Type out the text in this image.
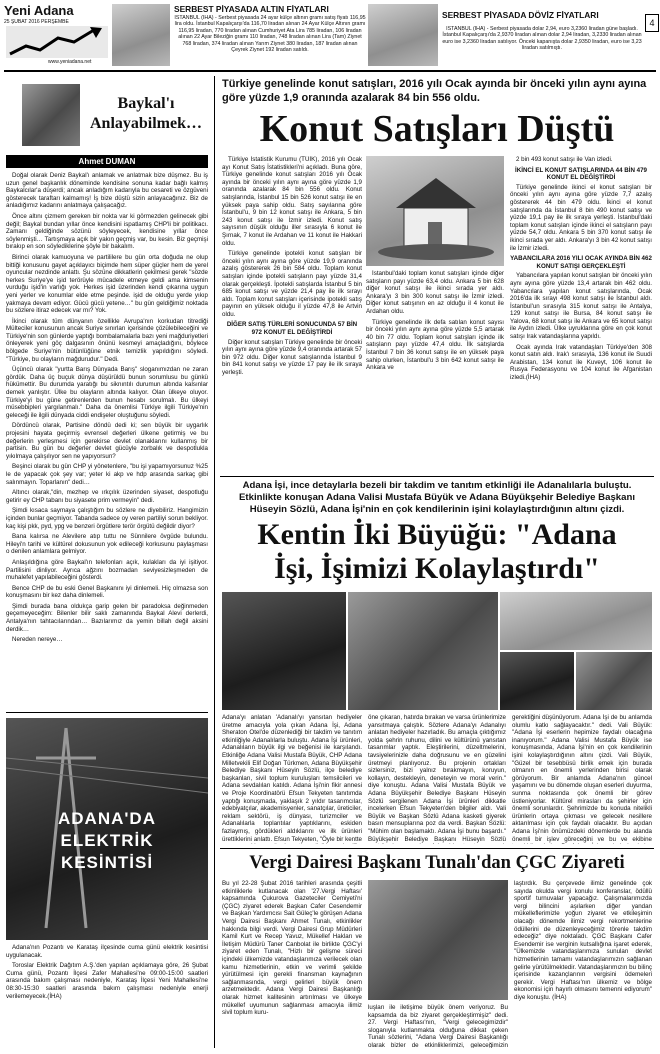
Yeni Adana
25 ŞUBAT 2016 PERŞEMBE
www.yeniadana.net
SERBEST PİYASADA ALTIN FİYATLARI
İSTANBUL (İHA) - Serbest piyasada 24 ayar külçe altının gramı satış fiyatı 116,95 lira oldu. İstanbul Kapalıçarşı'da 116,70 liradan alınan 24 Ayar Külçe Altının gramı 116,95 liradan, 770 liradan alınan Cumhuriyet Ata Lira 785 liradan, 106 liradan alınan 22 Ayar Bileziğin gramı 110 liradan, 748 liradan alınan Lira (Tam) Ziynet 768 liradan, 374 liradan alınan Yarım Ziynet 380 liradan, 187 liradan alınan Çeyrek Ziynet 192 liradan satıldı.
SERBEST PİYASADA DÖVİZ FİYATLARI
İSTANBUL (İHA) - Serbest piyasada dolar 2,94, euro 3,2360 liradan güne başladı. İstanbul Kapalıçarşı'da 2,9370 liradan alınan dolar 2,94 liradan, 3,2330 liradan alınan euro ise 3,2360 liradan satılıyor. Önceki kapanışta dolar 2,9350 liradan, euro ise 3,23 liradan satılmıştı.
4
Baykal'ı Anlayabilmek…
Ahmet DUMAN

Doğal olarak Deniz Baykal'ı anlamak ve anlatmak bize düşmez. Bu iş uzun genel başkanlık döneminde kendisine sonuna kadar bağlı kalmış Baykalcılar'a düşerdi; ancak anladığım kadarıyla bu cesareti ve özgüveni gösterecek taraftarı kalmamış! İş bize düştü sizin anlayacağınız. Biz de anladığımız kadarını anlatmaya çalışacağız.

Önce altını çizmem gereken bir nokta var ki görmezden gelinecek gibi değil; Baykal bundan yıllar önce kendisini ispatlamış CHP'li bir politikacı. Zamanı geldiğinde sözünü söyleyecek, kendisine yıllar önce söylenmişti… Tartışmaya açık bir yakın geçmiş var, bu kesin. Biz geçmişi bırakıp en son söylediklerine şöyle bir bakalım.

Birinci olarak kamuoyuna ve partililere bu gün orta doğuda ne olup bittiği konusunu gayet açıklayıcı biçimde hem süper güçler hem de yerel oyuncular nezdinde anlattı. Şu sözüne dikkatlerin çekilmesi gerek "sözde herkes Suriye'ye işid terörüyle mücadele etmeye geldi ama kimsenin vurduğu işid'in varlığı yok. Herkes işid üzerinden kendi çıkarına uygun yeni yerler ve konumlar elde etme peşinde. işid de olduğu yerde yıkıp yakmaya devam ediyor. Gücü gücü yetene…" bu gün geldiğimiz noktada bu sözlere itiraz edecek var mı? Yok.

İkinci olarak tüm dünyanın özellikle Avrupa'nın korkudan titrediği Mülteciler konusunun ancak Suriye sınırları içerisinde çözülebileceğini ve Türkiye'nin son günlerde yaptığı bombalamalarla bazı yeni mağduriyetleri önleyerek yeni göç dalgasının önünü kesmeyi amaçladığını, böylece bölgede Suriye'nin bütünlüğüne etnik temizlik yapıldığını söyledi. "Türkiye, bu olayların mağdurudur." Dedi.

Üçüncü olarak "yurtta Barış Dünyada Barış" sloganımızdan ne zaran gördük. Daha üç buçuk dünya düşürüldü bunun sorumlusu bu günkü hükümettir. Bu durumda yaratığı bu siknıntılı durumun altında kalsınlar demek yanlıştır. Ülke bu olayların altında kalıyor. Olan ülkeye oluyor. Türkiye'yi bu güne getirenlerden bunun hesabı sorulmalı. Bu ülkeyi müsebbipleri yargılanmalı." Daha da önemlisi Türkiye ilgili Türkiye'nin geleceği ile ilgili dünyada ciddi endişeler oluştuğunu söyledi.

Dördüncü olarak, Partisine döndü dedi ki; sen büyük bir uygarlık projesini hayata geçirmiş evrensel değerleri ülkene getirmiş ve bu değerlerin yerleşmesi için gerekirse devlet olanaklarını kullanmış bir partisin. Bu gün bu değerler devlet gücüyle zorbalık ve despotlukla yıkılmaya çalışılıyor sen ne yapıyorsun?

Beşinci olarak bu gün CHP yi yönetenlere, "bu işi yapamıyorsunuz %25 le de yapacak çok şey var; yeter ki akp ve hdp arasında sarkaç gibi salınmayın. Toparlanın" dedi…

Altıncı olarak,"din, mezhep ve ırkçılık üzerinden siyaset, despotluğu getirir ey CHP tabanı bu siyasete prim vermeyin" dedi.

Şimdi kısaca saymaya çalıştığım bu sözlere ne diyebiliriz. Hangimizin içinden bunlar geçmiyor. Tabanda sadece oy veren partiliyi sorun bekliyor. kaç kişi pkk, pyd, ypg ve benzeri örgütlere terör örgütü değildir diyor?

Bana kalırsa ne Alevilere atıp tuttu ne Sünnilere övgüde bulundu. Hileyi'n tarihi ve kültürel dokusunun yok edileceği korkusunu paylaşması o denilen anlamlara gelmiyor.

Anlaşıldığına göre Baykal'ın telefonları açık, kulakları da iyi işitiyor. Partilisini dinliyor. Ayrıca ağzını bozmadan seviyesizleşmeden de muhalefet yapılabileceğini gösterdi.

Bence CHP de bu eski Genel Başkanını iyi dinlemeli. Hiç olmazsa son konuşmasını bir kez daha dinlemeli.

Şimdi burada bana oldukça garip gelen bir paradoksa değinmeden geçemeyeceğim: Bilenler bilir saklı zamanında Baykal Alevi derlerdi, Antalya'nın tahtacılarından… Bazılarımız da yemin billah değil aksini derdik…

Nereden nereye…

ADANA'DA
ELEKTRİK
KESİNTİSİ

Adana'nın Pozantı ve Karataş ilçesinde cuma günü elektrik kesintisi uygulanacak.

Toroslar Elektrik Dağıtım A.Ş.'den yapılan açıklamaya göre, 26 Şubat Cuma günü, Pozantı İlçesi Zafer Mahallesi'ne 09:00-15:00 saatleri arasında bakım çalışması nedeniyle, Karataş İlçesi Yeni Mahallesi'ne 08:30-15:30 saatleri arasında bakım çalışması nedeniyle enerji verilemeyecek.(İHA)

Türkiye genelinde konut satışları, 2016 yılı Ocak ayında bir önceki yılın aynı ayına göre yüzde 1,9 oranında azalarak 84 bin 556 oldu.
Konut Satışları Düştü

Türkiye İstatistik Kurumu (TÜİK), 2016 yılı Ocak ayı Konut Satış İstatistikleri'ni açıkladı. Buna göre, Türkiye genelinde konut satışları 2016 yılı Ocak ayında bir önceki yılın aynı ayına göre yüzde 1,9 oranında azalarak 84 bin 556 oldu. Konut satışlarında, İstanbul 15 bin 526 konut satışı ile en yüksek paya sahip oldu. Satış sayılarına göre İstanbul'u, 9 bin 12 konut satışı ile Ankara, 5 bin 243 konut satışı ile İzmir izledi. Konut satış sayısının düşük olduğu iller sırasıyla 6 konut ile Şırnak, 7 konut ile Ardahan ve 11 konut ile Hakkari oldu.

Türkiye genelinde ipotekli konut satışları bir önceki yılın aynı ayına göre yüzde 19,9 oranında azalış göstererek 26 bin 584 oldu. Toplam konut satışları içinde ipotekli satışların payı yüzde 31,4 olarak gerçekleşti. İpotekli satışlarda İstanbul 5 bin 685 konut satışı ve yüzde 21,4 pay ile ilk sırayı aldı. Toplam konut satışları içerisinde ipotekli satış payının en yüksek olduğu il yüzde 47,8 ile Artvin oldu.

DİĞER SATIŞ TÜRLERİ SONUCUNDA 57 BİN 972 KONUT EL DEĞİŞTİRDİ

Diğer konut satışları Türkiye genelinde bir önceki yılın aynı ayına göre yüzde 9,4 oranında artarak 57 bin 972 oldu. Diğer konut satışlarında İstanbul 9 bin 841 konut satışı ve yüzde 17 pay ile ilk sıraya yerleşti.

İstanbul'daki toplam konut satışları içinde diğer satışların payı yüzde 63,4 oldu. Ankara 5 bin 628 diğer konut satışı ile ikinci sırada yer aldı. Ankara'yı 3 bin 300 konut satışı ile İzmir izledi. Diğer konut satışının en az olduğu il 4 konut ile Ardahan oldu.

Türkiye genelinde ilk defa satılan konut sayısı bir önceki yılın aynı ayına göre yüzde 5,5 artarak 40 bin 77 oldu. Toplam konut satışları içinde ilk satışların payı yüzde 47,4 oldu. İlk satışlarda İstanbul 7 bin 36 konut satışı ile en yüksek paya sahip olurken, İstanbul'u 3 bin 642 konut satışı ile Ankara ve

2 bin 493 konut satışı ile Van izledi.

İKİNCİ EL KONUT SATIŞLARINDA 44 BİN 479 KONUT EL DEĞİŞTİRDİ

Türkiye genelinde ikinci el konut satışları bir önceki yılın aynı ayına göre yüzde 7,7 azalış göstererek 44 bin 479 oldu. İkinci el konut satışlarında da İstanbul 8 bin 490 konut satışı ve yüzde 19,1 pay ile ilk sıraya yerleşti. İstanbul'daki toplam konut satışları içinde ikinci el satışların payı yüzde 54,7 oldu. Ankara 5 bin 370 konut satışı ile ikinci sırada yer aldı. Ankara'yı 3 bin 42 konut satışı ile İzmir izledi.

YABANCILARA 2016 YILI OCAK AYINDA BİN 462 KONUT SATIŞI GERÇEKLEŞTİ

Yabancılara yapılan konut satışları bir önceki yılın aynı ayına göre yüzde 13,4 artarak bin 462 oldu. Yabancılara yapılan konut satışlarında, Ocak 2016'da ilk sırayı 498 konut satışı ile İstanbul aldı. İstanbul'un sırasıyla 315 konut satışı ile Antalya, 129 konut satışı ile Bursa, 84 konut satışı ile Yalova, 68 konut satışı ile Ankara ve 65 konut satışı ile Aydın izledi. Ülke uyruklarına göre en çok konut satışı Irak vatandaşlarına yapıldı.

Ocak ayında Irak vatandaşları Türkiye'den 308 konut satın aldı. Irak'ı sırasıyla, 136 konut ile Suudi Arabistan, 134 konut ile Kuveyt, 106 konut ile Rusya Federasyonu ve 104 konut ile Afganistan izledi.(İHA)

Adana İşi, ince detaylarla bezeli bir takdim ve tanıtım etkinliği ile Adanalılarla buluştu. Etkinlikte konuşan Adana Valisi Mustafa Büyük ve Adana Büyükşehir Belediye Başkanı Hüseyin Sözlü, Adana İşi'nin en çok kendilerinin işini kolaylaştırdığının altını çizdi.
Kentin İki Büyüğü: "Adana
İşi, İşimizi Kolaylaştırdı"
Adana'yı anlatan 'Adanalı'yı yansıtan hediyeler üretme amacıyla yola çıkan Adana İşi, Adana Sheraton Otel'de düzenlediği bir takdim ve tanıtım etkinliğiyle Adanalılarla buluştu. Adana İşi ürünleri, Adanalıların büyük ilgi ve beğenisi ile karşılandı. Etkinliğe Adana Valisi Mustafa Büyük, CHP Adana Milletvekili Elif Doğan Türkmen, Adana Büyükşehir Belediye Başkanı Hüseyin Sözlü, ilçe belediye başkanları, sivil toplum kuruluşları temsilcileri ve Adana sevdalıları katıldı. Adana İşi'nin fikir annesi ve Proje Koordinatörü Efsun Tekyeten tanıtımda yaptığı konuşmada, yaklaşık 2 yıldır tasarımcılar, edebiyatçılar, akademisyenler, sanatçılar, üreticiler, reklam sektörü, iş dünyası, turizmciler ve Adanalılarla toplantılar yaptıklarını, eskiden fazlaymış, gördükleri aldıklarını ve ilk ürünleri ürettiklerini anlattı. Efsun Tekyeten, "Öyle bir kentte
öne çıkaran, hatırda bırakan ve varsa ürünlerimize yansıtmaya çalıştık. Sözlere Adana'yı Adanalıyı anlatan hediyeler hazırladık. Bu amaçla çıktığımız yolda şehrin ruhunu, dilini ve kültürünü yansıtan tasarımlar yaptık. Eleştirilerini, düzeltmelerini, tavsiyelerinizle daha doğrusunu ve en güzelini üretmeyi planlıyoruz. Bu projenin ortakları sizlersiniz, bizi yalnız bırakmayın, koruyun, kollayın, destekleyin, deneteyin ve moral verin." diye konuştu. Adana Valisi Mustafa Büyük ve Adana Büyükşehir Belediye Başkanı Hüseyin Sözlü sergilenen Adana İşi ürünleri dikkatle incelerken Efsun Tekyeten'den bilgiler aldı. Vali Büyük ve Başkan Sözlü Adana kasketi giyerek basın mensuplarına poz da verdi. Başkan Sözlü: "Mühim olan başlamaktı. Adana İşi bunu başardı." Büyükşehir Belediye Başkanı Hüseyin Sözlü
gerektiğini düşünüyorum. Adana İşi de bu anlamda olumlu katkı sağlayacaktır." dedi. Vali Büyük: "Adana İşi eserlerin hepimize faydalı olacağına inanıyorum." Adana Valisi Mustafa Büyük ise konuşmasında, Adana İşi'nin en çok kendilerinin işini kolaylaştırdığının altını çizdi. Vali Büyük, "Güzel bir tesebbüsü birlik emek için burada olmanın en önemli yerlerinden birisi olarak görüyorum. Bir anlamda Adana'nın güncel yaşamını ve bu dönemde oluşan eserleri duyurma, sunma noktasında çok önemli bir görev üstleniyorlar. Kültürel mirasları da şehirler için önemli sorunlardır. Şehrimizde bu konuda nitelikli ürünlerin ortaya çıkması ve gelecek nesillere aktarılması için çok faydalı olacaktır. Bu açıdan Adana İşi'nin önümüzdeki dönemlerde bu alanda önemli bir işlev göreceğini ve bu ve ekibine
Vergi Dairesi Başkanı Tunalı'dan ÇGC Ziyareti
Bu yıl 22-28 Şubat 2016 tarihleri arasında çeşitli etkinliklerle kutlanacak olan '27.Vergi Haftası' kapsamında Çukurova Gazeteciler Cemiyeti'ni (ÇGC) ziyaret ederek Başkan Cafer Cesendemir ve Başkan Yardımcısı Sait Güleç'le görüşen Adana Vergi Dairesi Başkanı Ahmet Tunalı, etkinlikler hakkında bilgi verdi. Vergi Dairesi Grup Müdürleri Kamil Kurt ve Recep Yavuz, Mükellef Hakları ve İletişim Müdürü Taner Canbolat ile birlikte ÇGC'yi ziyaret eden Tunalı, "Hizlı bir gelişme süreci içindeki ülkemizde vatandaşlarımıza verilecek olan kamu hizmetlerinin, etkin ve verimli şekilde yürütülmesi için gerekli finansman kaynağının sağlanmasında, vergi gelirleri büyük önem arzetmektedir. Adana Vergi Dairesi Başkanlığı olarak hizmet kalitesinin artırılması ve ülkeye mükellef uyumunun sağlanması amacıyla ilimiz sivil toplum kuru-
luşları ile iletişime büyük önem veriyoruz. Bu kapsamda da biz ziyaret gerçekleştirmişiz" dedi. 27. Vergi Haftası'nın, "Vergi gelecegimizdir" sloganıyla kutlanmakta olduğuna dikkat çeken Tunalı sözlerini, "Adana Vergi Dairesi Başkanlığı olarak bizler de etkinliklerimizi, geleceğimizin
laştırdık. Bu çerçevede ilimiz genelinde çok sayıda okulda vergi konulu konferanslar, ödüllü sportif turnuvalar yapacağız. Çalışmalarımızda vergi bilincini aşılarken diğer yandan mükelleflerimizle yoğun ziyaret ve etkileşimin olacağı dönemde ilimiz vergi rekortmenlerine ödüllerini de düzenleyeceğimiz törenle takdim edeceğiz" diye noktaladı. ÇGC Başkanı Cafer Esendemir ise verginin kutsallığına işaret ederek, "Ülkemizde vatandaşlarımıza sunulan devlet hizmetlerinin tamamı vatandaşlarımızın sağlanan gelirle yürütülmektedir. Vatandaşlarımızın bu bilinç içerisinde kazançlarının vergisini ödemeleri gerekir. Vergi Haftası'nın ülkemiz ve bölge ekonomisi için hayırlı olmasını temenni ediyorum" diye konuştu. (İHA)
